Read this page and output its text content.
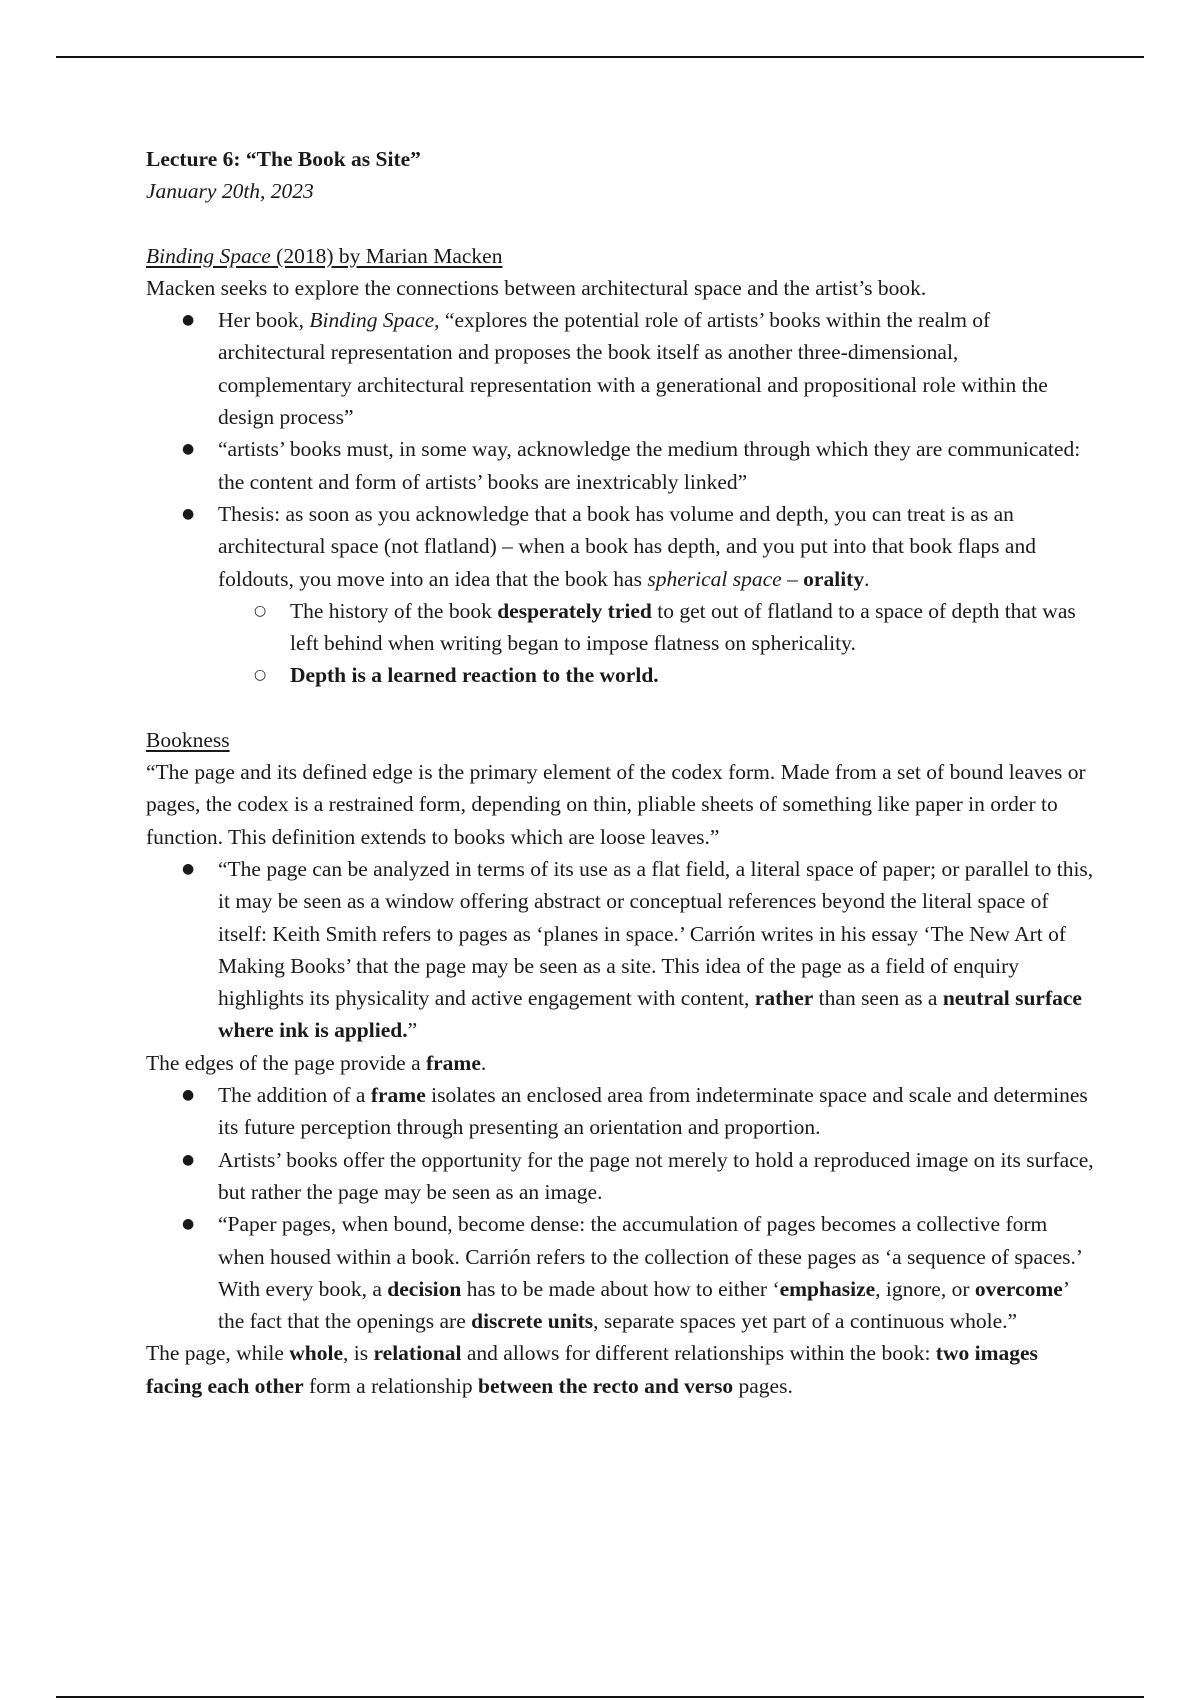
Lecture 6: “The Book as Site”

January 20th, 2023

Binding Space (2018) by Marian Macken

Macken seeks to explore the connections between architectural space and the artist’s book.

● Her book, Binding Space, “explores the potential role of artists’ books within the realm of architectural representation and proposes the book itself as another three-dimensional, complementary architectural representation with a generational and propositional role within the design process”
● “artists’ books must, in some way, acknowledge the medium through which they are communicated: the content and form of artists’ books are inextricably linked”
● Thesis: as soon as you acknowledge that a book has volume and depth, you can treat is as an architectural space (not flatland) – when a book has depth, and you put into that book flaps and foldouts, you move into an idea that the book has spherical space – orality.
○ The history of the book desperately tried to get out of flatland to a space of depth that was left behind when writing began to impose flatness on sphericality.
○ Depth is a learned reaction to the world.

Bookness

“The page and its defined edge is the primary element of the codex form. Made from a set of bound leaves or pages, the codex is a restrained form, depending on thin, pliable sheets of something like paper in order to function. This definition extends to books which are loose leaves.”

● “The page can be analyzed in terms of its use as a flat field, a literal space of paper; or parallel to this, it may be seen as a window offering abstract or conceptual references beyond the literal space of itself: Keith Smith refers to pages as ‘planes in space.’ Carrión writes in his essay ‘The New Art of Making Books’ that the page may be seen as a site. This idea of the page as a field of enquiry highlights its physicality and active engagement with content, rather than seen as a neutral surface where ink is applied.”

The edges of the page provide a frame.

● The addition of a frame isolates an enclosed area from indeterminate space and scale and determines its future perception through presenting an orientation and proportion.
● Artists’ books offer the opportunity for the page not merely to hold a reproduced image on its surface, but rather the page may be seen as an image.
● “Paper pages, when bound, become dense: the accumulation of pages becomes a collective form when housed within a book. Carrión refers to the collection of these pages as ‘a sequence of spaces.’ With every book, a decision has to be made about how to either ‘emphasize, ignore, or overcome’ the fact that the openings are discrete units, separate spaces yet part of a continuous whole.”

The page, while whole, is relational and allows for different relationships within the book: two images facing each other form a relationship between the recto and verso pages.
